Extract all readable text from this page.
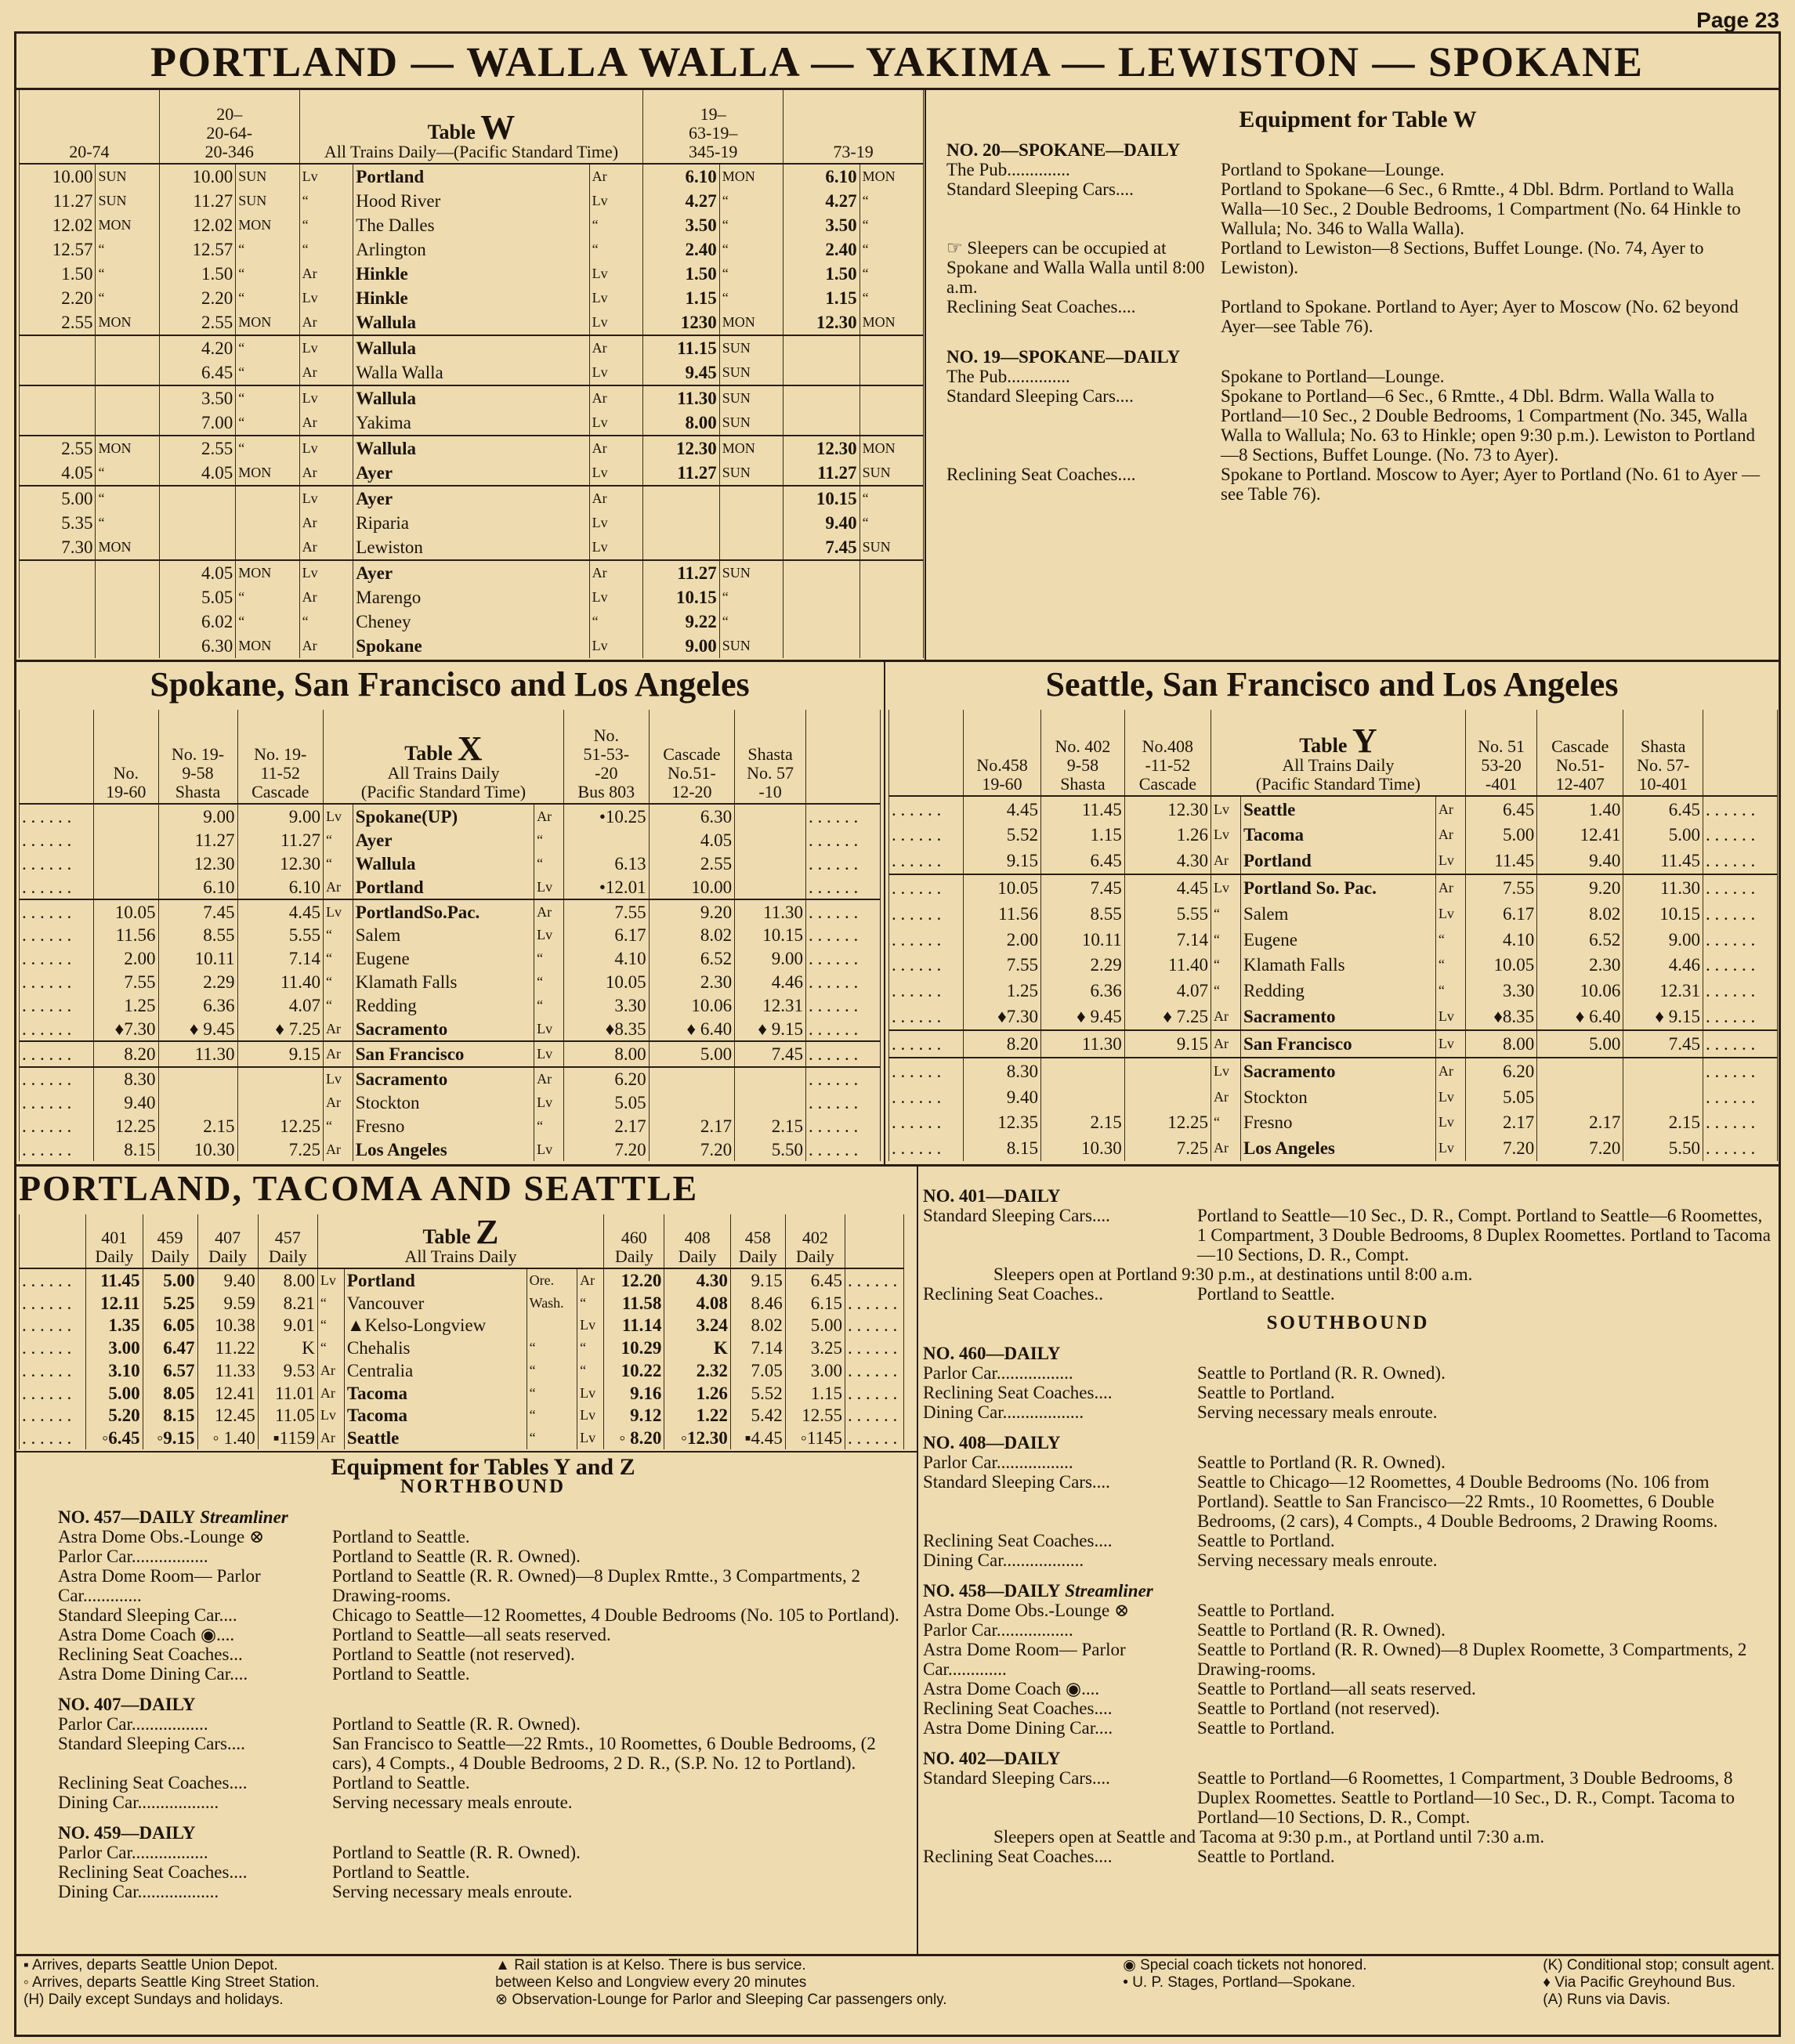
Page 23
PORTLAND — WALLA WALLA — YAKIMA — LEWISTON — SPOKANE
20-74		20–
20-64-
20-346		Table W
All Trains Daily—(Pacific Standard Time)			19–
63-19–
345-19		73-19	
10.00	SUN	10.00	SUN	Lv	Portland	Ar	6.10	MON	6.10	MON
11.27	SUN	11.27	SUN	“	Hood River	Lv	4.27	“	4.27	“
12.02	MON	12.02	MON	“	The Dalles	“	3.50	“	3.50	“
12.57	“	12.57	“	“	Arlington	“	2.40	“	2.40	“
1.50	“	1.50	“	Ar	Hinkle	Lv	1.50	“	1.50	“
2.20	“	2.20	“	Lv	Hinkle	Lv	1.15	“	1.15	“
2.55	MON	2.55	MON	Ar	Wallula	Lv	1230	MON	12.30	MON
		4.20	“	Lv	Wallula	Ar	11.15	SUN		
		6.45	“	Ar	Walla Walla	Lv	9.45	SUN		
		3.50	“	Lv	Wallula	Ar	11.30	SUN		
		7.00	“	Ar	Yakima	Lv	8.00	SUN		
2.55	MON	2.55	“	Lv	Wallula	Ar	12.30	MON	12.30	MON
4.05	“	4.05	MON	Ar	Ayer	Lv	11.27	SUN	11.27	SUN
5.00	“			Lv	Ayer	Ar			10.15	“
5.35	“			Ar	Riparia	Lv			9.40	“
7.30	MON			Ar	Lewiston	Lv			7.45	SUN
		4.05	MON	Lv	Ayer	Ar	11.27	SUN		
		5.05	“	Ar	Marengo	Lv	10.15	“		
		6.02	“	“	Cheney	“	9.22	“		
		6.30	MON	Ar	Spokane	Lv	9.00	SUN		
Equipment for Table W
NO. 20—SPOKANE—DAILY
The Pub..............	Portland to Spokane—Lounge.
Standard Sleeping Cars....	Portland to Spokane—6 Sec., 6 Rmtte., 4 Dbl. Bdrm. Portland to Walla Walla—10 Sec., 2 Double Bedrooms, 1 Compartment (No. 64 Hinkle to Wallula; No. 346 to Walla Walla).
☞ Sleepers can be occupied at Spokane and Walla Walla until 8:00 a.m.
Portland to Lewiston—8 Sections, Buffet Lounge. (No. 74, Ayer to Lewiston).
Reclining Seat Coaches....	Portland to Spokane. Portland to Ayer; Ayer to Moscow (No. 62 beyond Ayer—see Table 76).
NO. 19—SPOKANE—DAILY
The Pub..............	Spokane to Portland—Lounge.
Standard Sleeping Cars....	Spokane to Portland—6 Sec., 6 Rmtte., 4 Dbl. Bdrm. Walla Walla to Portland—10 Sec., 2 Double Bedrooms, 1 Compartment (No. 345, Walla Walla to Wallula; No. 63 to Hinkle; open 9:30 p.m.). Lewiston to Portland—8 Sections, Buffet Lounge. (No. 73 to Ayer).
Reclining Seat Coaches....	Spokane to Portland. Moscow to Ayer; Ayer to Portland (No. 61 to Ayer —see Table 76).
Spokane, San Francisco and Los Angeles
	No.
19-60	No. 19-
9-58
Shasta	No. 19-
11-52
Cascade	Table X
All Trains Daily
(Pacific Standard Time)			No.
51-53-
-20
Bus 803	Cascade
No.51-
12-20	Shasta
No. 57
-10	
. . . . . .		9.00	9.00	Lv	Spokane(UP)	Ar	•10.25	6.30		. . . . . .
. . . . . .		11.27	11.27	“	Ayer	“		4.05		. . . . . .
. . . . . .		12.30	12.30	“	Wallula	“	6.13	2.55		. . . . . .
. . . . . .		6.10	6.10	Ar	Portland	Lv	•12.01	10.00		. . . . . .
. . . . . .	10.05	7.45	4.45	Lv	PortlandSo.Pac.	Ar	7.55	9.20	11.30	. . . . . .
. . . . . .	11.56	8.55	5.55	“	Salem	Lv	6.17	8.02	10.15	. . . . . .
. . . . . .	2.00	10.11	7.14	“	Eugene	“	4.10	6.52	9.00	. . . . . .
. . . . . .	7.55	2.29	11.40	“	Klamath Falls	“	10.05	2.30	4.46	. . . . . .
. . . . . .	1.25	6.36	4.07	“	Redding	“	3.30	10.06	12.31	. . . . . .
. . . . . .	♦7.30	♦ 9.45	♦ 7.25	Ar	Sacramento	Lv	♦8.35	♦ 6.40	♦ 9.15	. . . . . .
. . . . . .	8.20	11.30	9.15	Ar	San Francisco	Lv	8.00	5.00	7.45	. . . . . .
. . . . . .	8.30			Lv	Sacramento	Ar	6.20			. . . . . .
. . . . . .	9.40			Ar	Stockton	Lv	5.05			. . . . . .
. . . . . .	12.25	2.15	12.25	“	Fresno	“	2.17	2.17	2.15	. . . . . .
. . . . . .	8.15	10.30	7.25	Ar	Los Angeles	Lv	7.20	7.20	5.50	. . . . . .
Seattle, San Francisco and Los Angeles
	No.458
19-60	No. 402
9-58
Shasta	No.408
-11-52
Cascade	Table Y
All Trains Daily
(Pacific Standard Time)			No. 51
53-20
-401	Cascade
No.51-
12-407	Shasta
No. 57-
10-401	
. . . . . .	4.45	11.45	12.30	Lv	Seattle	Ar	6.45	1.40	6.45	. . . . . .
. . . . . .	5.52	1.15	1.26	Lv	Tacoma	Ar	5.00	12.41	5.00	. . . . . .
. . . . . .	9.15	6.45	4.30	Ar	Portland	Lv	11.45	9.40	11.45	. . . . . .
. . . . . .	10.05	7.45	4.45	Lv	Portland So. Pac.	Ar	7.55	9.20	11.30	. . . . . .
. . . . . .	11.56	8.55	5.55	“	Salem	Lv	6.17	8.02	10.15	. . . . . .
. . . . . .	2.00	10.11	7.14	“	Eugene	“	4.10	6.52	9.00	. . . . . .
. . . . . .	7.55	2.29	11.40	“	Klamath Falls	“	10.05	2.30	4.46	. . . . . .
. . . . . .	1.25	6.36	4.07	“	Redding	“	3.30	10.06	12.31	. . . . . .
. . . . . .	♦7.30	♦ 9.45	♦ 7.25	Ar	Sacramento	Lv	♦8.35	♦ 6.40	♦ 9.15	. . . . . .
. . . . . .	8.20	11.30	9.15	Ar	San Francisco	Lv	8.00	5.00	7.45	. . . . . .
. . . . . .	8.30			Lv	Sacramento	Ar	6.20			. . . . . .
. . . . . .	9.40			Ar	Stockton	Lv	5.05			. . . . . .
. . . . . .	12.35	2.15	12.25	“	Fresno	Lv	2.17	2.17	2.15	. . . . . .
. . . . . .	8.15	10.30	7.25	Ar	Los Angeles	Lv	7.20	7.20	5.50	. . . . . .
PORTLAND, TACOMA AND SEATTLE
	401
Daily	459
Daily	407
Daily	457
Daily	Table Z
All Trains Daily				460
Daily	408
Daily	458
Daily	402
Daily	
. . . . . .	11.45	5.00	9.40	8.00	Lv	Portland	Ore.	Ar	12.20	4.30	9.15	6.45	. . . . . .
. . . . . .	12.11	5.25	9.59	8.21	“	Vancouver	Wash.	“	11.58	4.08	8.46	6.15	. . . . . .
. . . . . .	1.35	6.05	10.38	9.01	“	▲Kelso-Longview		Lv	11.14	3.24	8.02	5.00	. . . . . .
. . . . . .	3.00	6.47	11.22	K	“	Chehalis	“	“	10.29	K	7.14	3.25	. . . . . .
. . . . . .	3.10	6.57	11.33	9.53	Ar	Centralia	“	“	10.22	2.32	7.05	3.00	. . . . . .
. . . . . .	5.00	8.05	12.41	11.01	Ar	Tacoma	“	Lv	9.16	1.26	5.52	1.15	. . . . . .
. . . . . .	5.20	8.15	12.45	11.05	Lv	Tacoma	“	Lv	9.12	1.22	5.42	12.55	. . . . . .
. . . . . .	◦6.45	◦9.15	◦ 1.40	▪1159	Ar	Seattle	“	Lv	◦ 8.20	◦12.30	▪4.45	◦1145	. . . . . .
Equipment for Tables Y and Z
NORTHBOUND
NO. 457—DAILY Streamliner
Astra Dome Obs.-Lounge ⊗	Portland to Seattle.
Parlor Car.................	Portland to Seattle (R. R. Owned).
Astra Dome Room— Parlor Car.............
Portland to Seattle (R. R. Owned)—8 Duplex Rmtte., 3 Compartments, 2 Drawing-rooms.
Standard Sleeping Car....	Chicago to Seattle—12 Roomettes, 4 Double Bedrooms (No. 105 to Portland).
Astra Dome Coach ◉....	Portland to Seattle—all seats reserved.
Reclining Seat Coaches...	Portland to Seattle (not reserved).
Astra Dome Dining Car....	Portland to Seattle.
NO. 407—DAILY
Parlor Car.................	Portland to Seattle (R. R. Owned).
Standard Sleeping Cars....	San Francisco to Seattle—22 Rmts., 10 Roomettes, 6 Double Bedrooms, (2 cars), 4 Compts., 4 Double Bedrooms, 2 D. R., (S.P. No. 12 to Portland).
Reclining Seat Coaches....	Portland to Seattle.
Dining Car..................	Serving necessary meals enroute.
NO. 459—DAILY
Parlor Car.................	Portland to Seattle (R. R. Owned).
Reclining Seat Coaches....	Portland to Seattle.
Dining Car..................	Serving necessary meals enroute.
NO. 401—DAILY
Standard Sleeping Cars....	Portland to Seattle—10 Sec., D. R., Compt. Portland to Seattle—6 Roomettes, 1 Compartment, 3 Double Bedrooms, 8 Duplex Roomettes. Portland to Tacoma—10 Sections, D. R., Compt.
Sleepers open at Portland 9:30 p.m., at destinations until 8:00 a.m.
Reclining Seat Coaches..	Portland to Seattle.
SOUTHBOUND
NO. 460—DAILY
Parlor Car.................	Seattle to Portland (R. R. Owned).
Reclining Seat Coaches....	Seattle to Portland.
Dining Car..................	Serving necessary meals enroute.
NO. 408—DAILY
Parlor Car.................	Seattle to Portland (R. R. Owned).
Standard Sleeping Cars....	Seattle to Chicago—12 Roomettes, 4 Double Bedrooms (No. 106 from Portland). Seattle to San Francisco—22 Rmts., 10 Roomettes, 6 Double Bedrooms, (2 cars), 4 Compts., 4 Double Bedrooms, 2 Drawing Rooms.
Reclining Seat Coaches....	Seattle to Portland.
Dining Car..................	Serving necessary meals enroute.
NO. 458—DAILY Streamliner
Astra Dome Obs.-Lounge ⊗	Seattle to Portland.
Parlor Car.................	Seattle to Portland (R. R. Owned).
Astra Dome Room— Parlor Car.............
Seattle to Portland (R. R. Owned)—8 Duplex Roomette, 3 Compartments, 2 Drawing-rooms.
Astra Dome Coach ◉....	Seattle to Portland—all seats reserved.
Reclining Seat Coaches....	Seattle to Portland (not reserved).
Astra Dome Dining Car....	Seattle to Portland.
NO. 402—DAILY
Standard Sleeping Cars....	Seattle to Portland—6 Roomettes, 1 Compartment, 3 Double Bedrooms, 8 Duplex Roomettes. Seattle to Portland—10 Sec., D. R., Compt. Tacoma to Portland—10 Sections, D. R., Compt.
Sleepers open at Seattle and Tacoma at 9:30 p.m., at Portland until 7:30 a.m.
Reclining Seat Coaches....	Seattle to Portland.
▪ Arrives, departs Seattle Union Depot.
◦ Arrives, departs Seattle King Street Station.
(H) Daily except Sundays and holidays.
▲ Rail station is at Kelso. There is bus service.
between Kelso and Longview every 20 minutes
⊗ Observation-Lounge for Parlor and Sleeping Car passengers only.
◉ Special coach tickets not honored.
• U. P. Stages, Portland—Spokane.
(K) Conditional stop; consult agent.
♦ Via Pacific Greyhound Bus.
(A) Runs via Davis.
